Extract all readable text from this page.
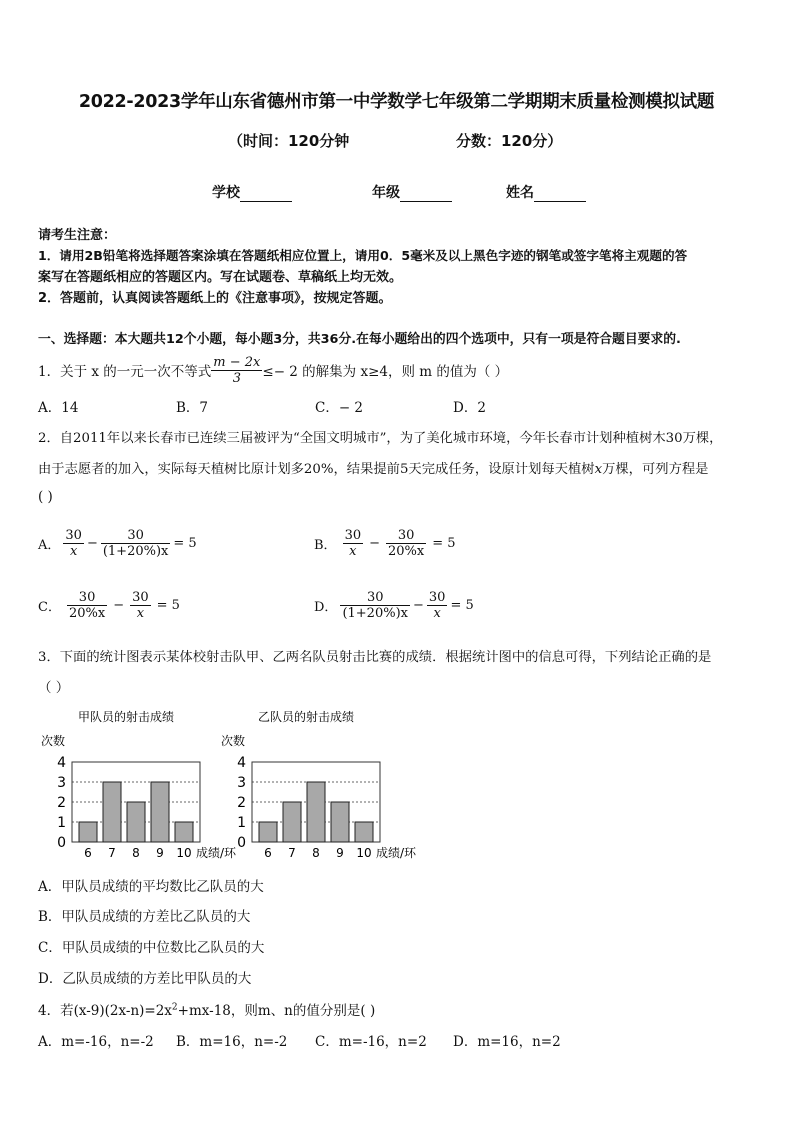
2022-2023学年山东省德州市第一中学数学七年级第二学期期末质量检测模拟试题
（时间：120分钟	分数：120分）
学校	年级	姓名
请考生注意：
1．请用2B铅笔将选择题答案涂填在答题纸相应位置上，请用0．5毫米及以上黑色字迹的钢笔或签字笔将主观题的答
案写在答题纸相应的答题区内。写在试题卷、草稿纸上均无效。
2．答题前，认真阅读答题纸上的《注意事项》，按规定答题。
一、选择题：本大题共12个小题，每小题3分，共36分.在每小题给出的四个选项中，只有一项是符合题目要求的.
1．关于 x 的一元一次不等式 $\frac{m - 2x}{3} \le- 2$ 的解集为 x≥4，则 m 的值为（ ）
A．14	B．7	C．− 2	D．2
2．自2011年以来长春市已连续三届被评为“全国文明城市”，为了美化城市环境，今年长春市计划种植树木30万棵，
由于志愿者的加入，实际每天植树比原计划多20%，结果提前5天完成任务，设原计划每天植树x万棵，可列方程是
( )
A． $\frac{30}{x} - \frac{30}{(1+20\%)x} = 5$	B． $\frac{30}{x} - \frac{30}{20\%x} = 5$
C． $\frac{30}{20\%x} - \frac{30}{x} = 5$	D． $\frac{30}{(1+20\%)x} - \frac{30}{x} = 5$
3．下面的统计图表示某体校射击队甲、乙两名队员射击比赛的成绩．根据统计图中的信息可得，下列结论正确的是
（ ）
甲队员的射击成绩
次数
0
1
2
3
4
6 7 8 9 10 成绩/环
乙队员的射击成绩
次数
0
1
2
3
4
6 7 8 9 10 成绩/环
A．甲队员成绩的平均数比乙队员的大
B．甲队员成绩的方差比乙队员的大
C．甲队员成绩的中位数比乙队员的大
D．乙队员成绩的方差比甲队员的大
4．若$(x-9)(2x-n)=2x^2+mx-18$，则m、n的值分别是( )
A．m=-16，n=-2 B．m=16，n=-2 C．m=-16，n=2 D．m=16，n=2
